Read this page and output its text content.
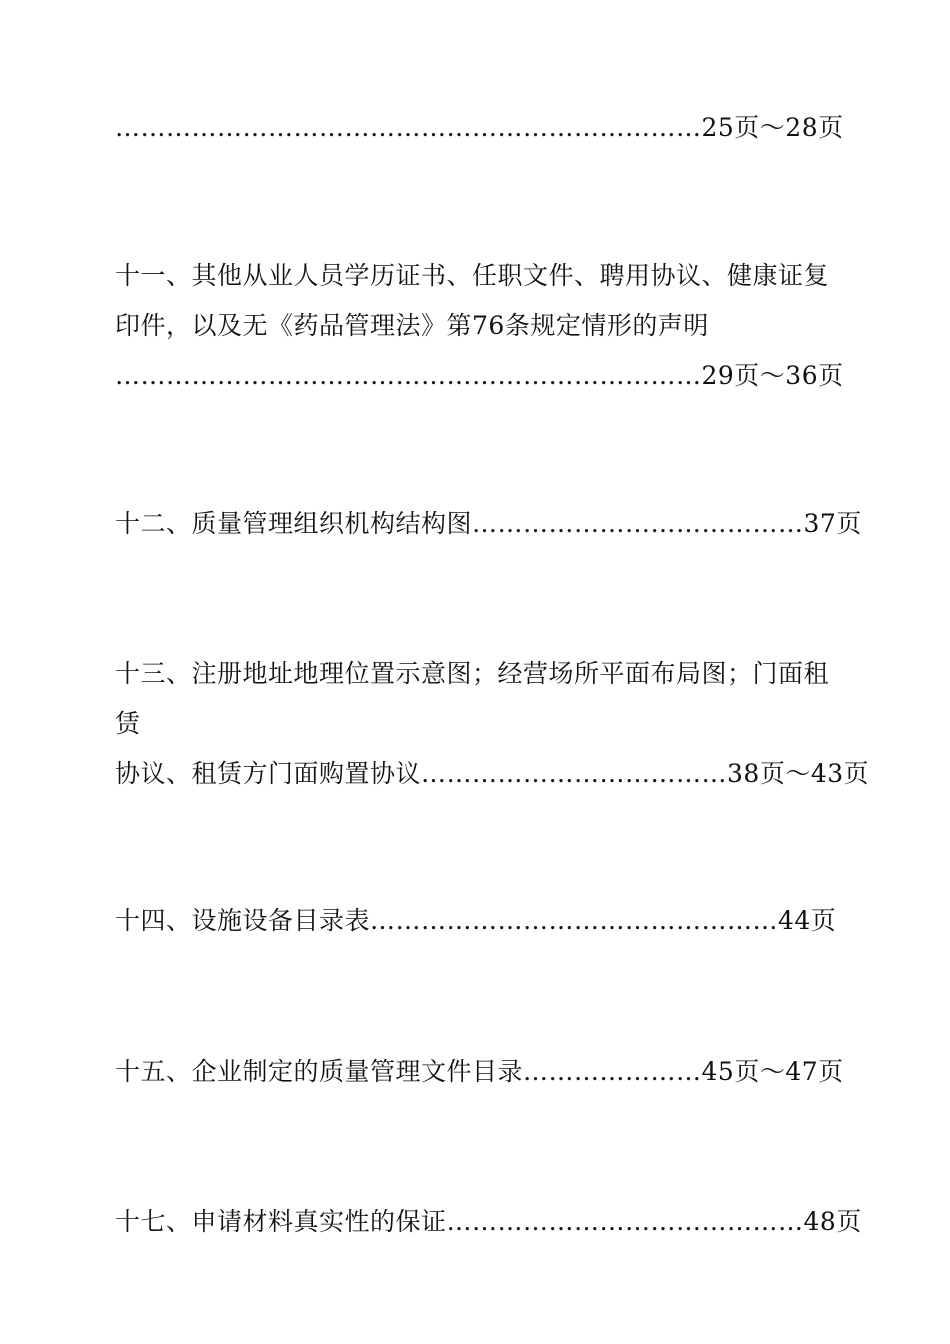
……………………………………………………………25页～28页
十一、其他从业人员学历证书、任职文件、聘用协议、健康证复
印件，以及无《药品管理法》第76条规定情形的声明
……………………………………………………………29页～36页
十二、质量管理组织机构结构图…………………………………37页
十三、注册地址地理位置示意图；经营场所平面布局图；门面租
赁
协议、租赁方门面购置协议………………………………38页～43页
十四、设施设备目录表…………………………………………44页
十五、企业制定的质量管理文件目录…………………45页～47页
十七、申请材料真实性的保证……………………………………48页
